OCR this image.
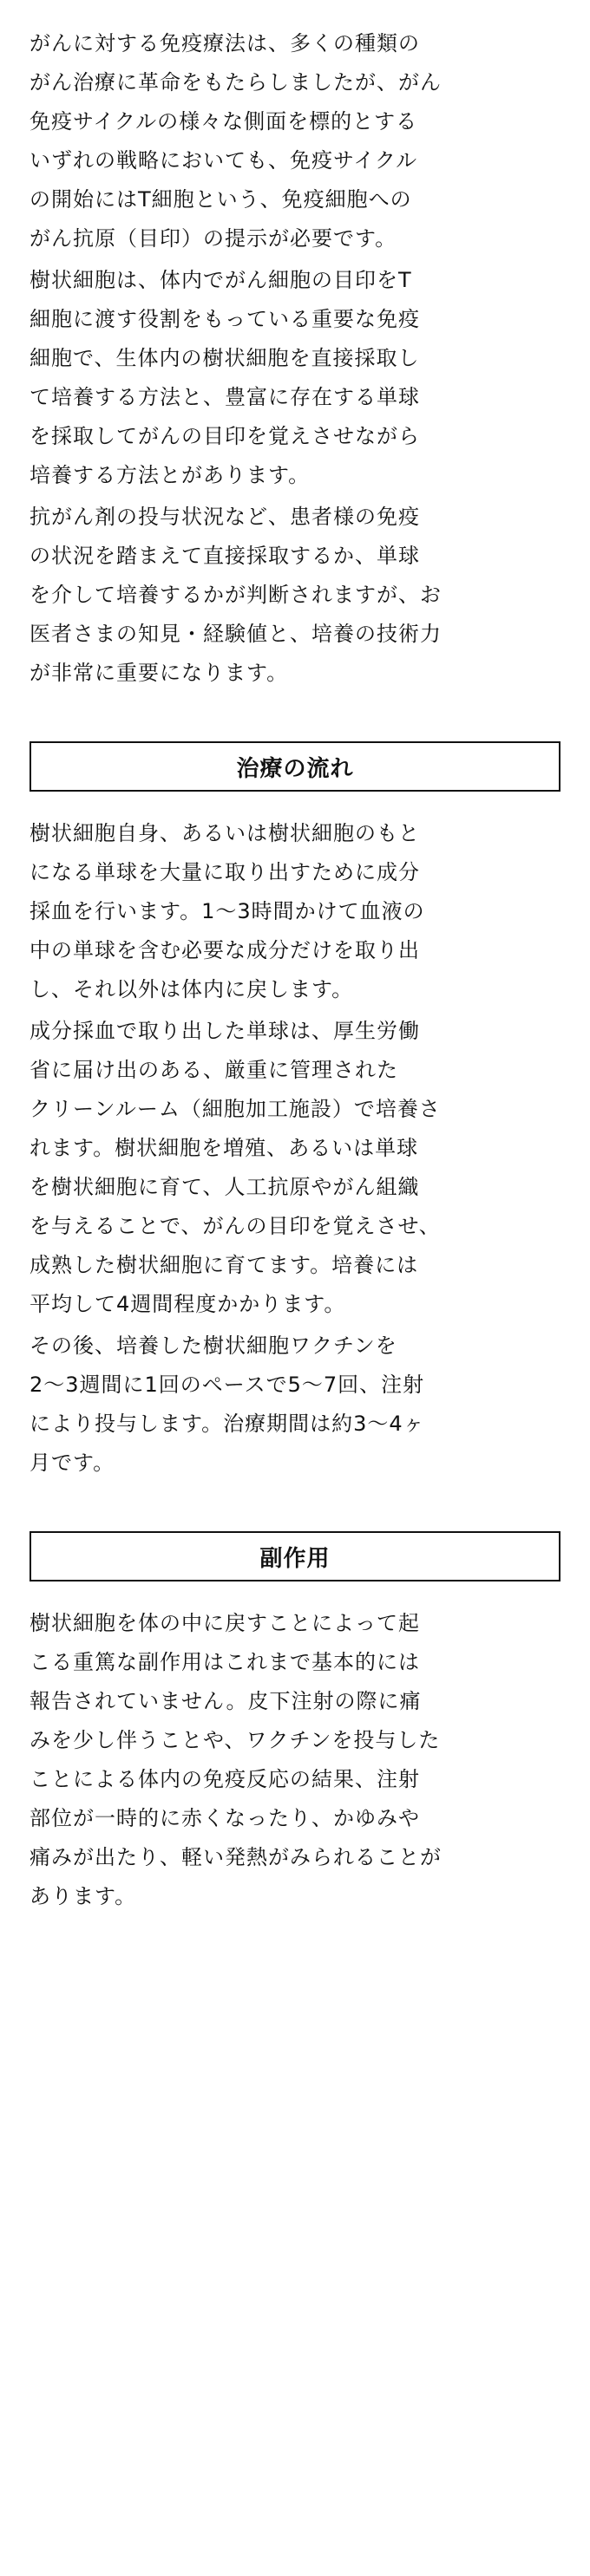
がんに対する免疫療法は、多くの種類の
がん治療に革命をもたらしましたが、がん
免疫サイクルの様々な側面を標的とする
いずれの戦略においても、免疫サイクル
の開始にはT細胞という、免疫細胞への
がん抗原（目印）の提示が必要です。

樹状細胞は、体内でがん細胞の目印をT
細胞に渡す役割をもっている重要な免疫
細胞で、生体内の樹状細胞を直接採取し
て培養する方法と、豊富に存在する単球
を採取してがんの目印を覚えさせながら
培養する方法とがあります。

抗がん剤の投与状況など、患者様の免疫
の状況を踏まえて直接採取するか、単球
を介して培養するかが判断されますが、お
医者さまの知見・経験値と、培養の技術力
が非常に重要になります。

治療の流れ

樹状細胞自身、あるいは樹状細胞のもと
になる単球を大量に取り出すために成分
採血を行います。1〜3時間かけて血液の
中の単球を含む必要な成分だけを取り出
し、それ以外は体内に戻します。

成分採血で取り出した単球は、厚生労働
省に届け出のある、厳重に管理された
クリーンルーム（細胞加工施設）で培養さ
れます。樹状細胞を増殖、あるいは単球
を樹状細胞に育て、人工抗原やがん組織
を与えることで、がんの目印を覚えさせ、
成熟した樹状細胞に育てます。培養には
平均して4週間程度かかります。

その後、培養した樹状細胞ワクチンを
2〜3週間に1回のペースで5〜7回、注射
により投与します。治療期間は約3〜4ヶ
月です。

副作用

樹状細胞を体の中に戻すことによって起
こる重篤な副作用はこれまで基本的には
報告されていません。皮下注射の際に痛
みを少し伴うことや、ワクチンを投与した
ことによる体内の免疫反応の結果、注射
部位が一時的に赤くなったり、かゆみや
痛みが出たり、軽い発熱がみられることが
あります。
